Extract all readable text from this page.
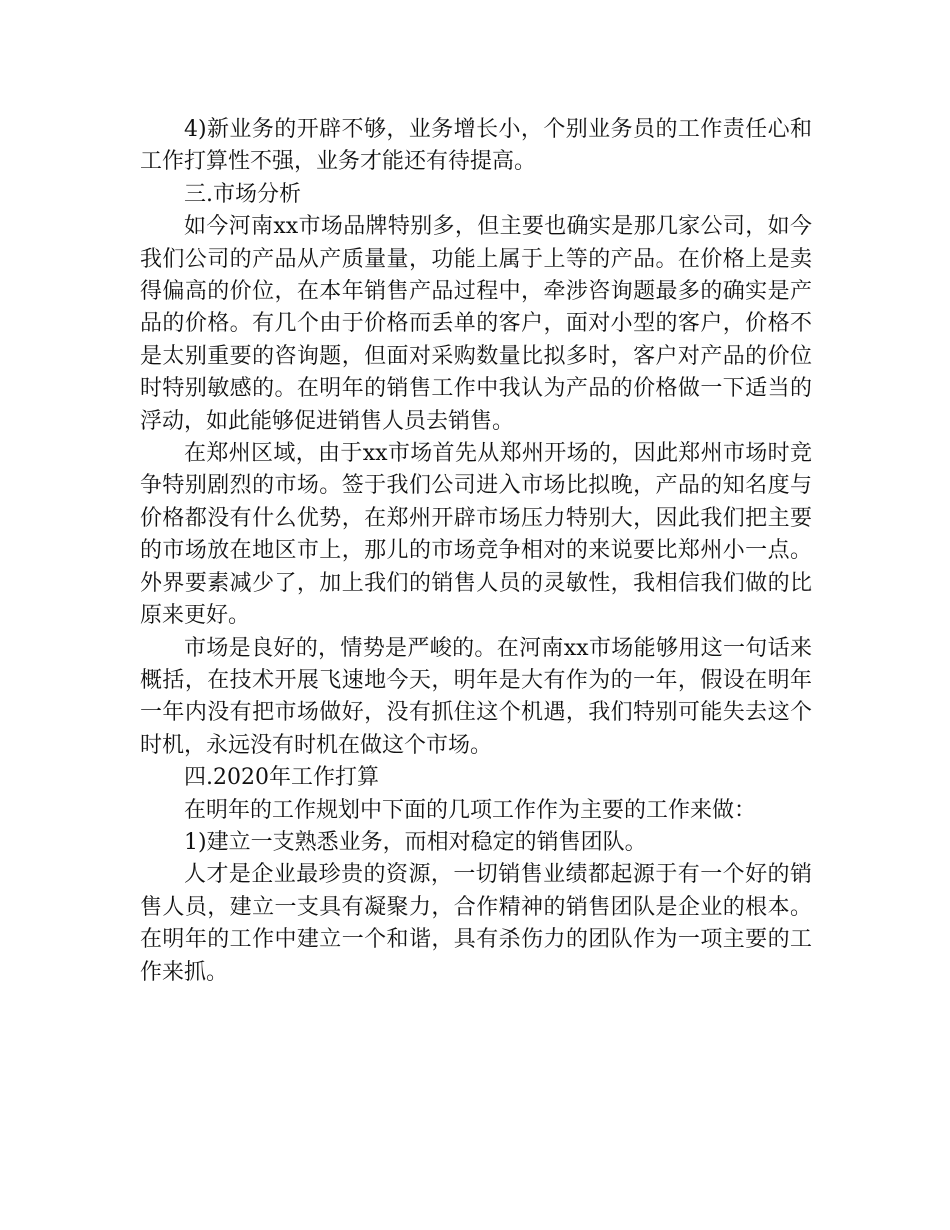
4)新业务的开辟不够，业务增长小，个别业务员的工作责任心和工作打算性不强，业务才能还有待提高。

三.市场分析

如今河南xx市场品牌特别多，但主要也确实是那几家公司，如今我们公司的产品从产质量量，功能上属于上等的产品。在价格上是卖得偏高的价位，在本年销售产品过程中，牵涉咨询题最多的确实是产品的价格。有几个由于价格而丢单的客户，面对小型的客户，价格不是太别重要的咨询题，但面对采购数量比拟多时，客户对产品的价位时特别敏感的。在明年的销售工作中我认为产品的价格做一下适当的浮动，如此能够促进销售人员去销售。

在郑州区域，由于xx市场首先从郑州开场的，因此郑州市场时竞争特别剧烈的市场。签于我们公司进入市场比拟晚，产品的知名度与价格都没有什么优势，在郑州开辟市场压力特别大，因此我们把主要的市场放在地区市上，那儿的市场竞争相对的来说要比郑州小一点。外界要素减少了，加上我们的销售人员的灵敏性，我相信我们做的比原来更好。

市场是良好的，情势是严峻的。在河南xx市场能够用这一句话来概括，在技术开展飞速地今天，明年是大有作为的一年，假设在明年一年内没有把市场做好，没有抓住这个机遇，我们特别可能失去这个时机，永远没有时机在做这个市场。

四.2020年工作打算

在明年的工作规划中下面的几项工作作为主要的工作来做：

1)建立一支熟悉业务，而相对稳定的销售团队。

人才是企业最珍贵的资源，一切销售业绩都起源于有一个好的销售人员，建立一支具有凝聚力，合作精神的销售团队是企业的根本。在明年的工作中建立一个和谐，具有杀伤力的团队作为一项主要的工作来抓。
